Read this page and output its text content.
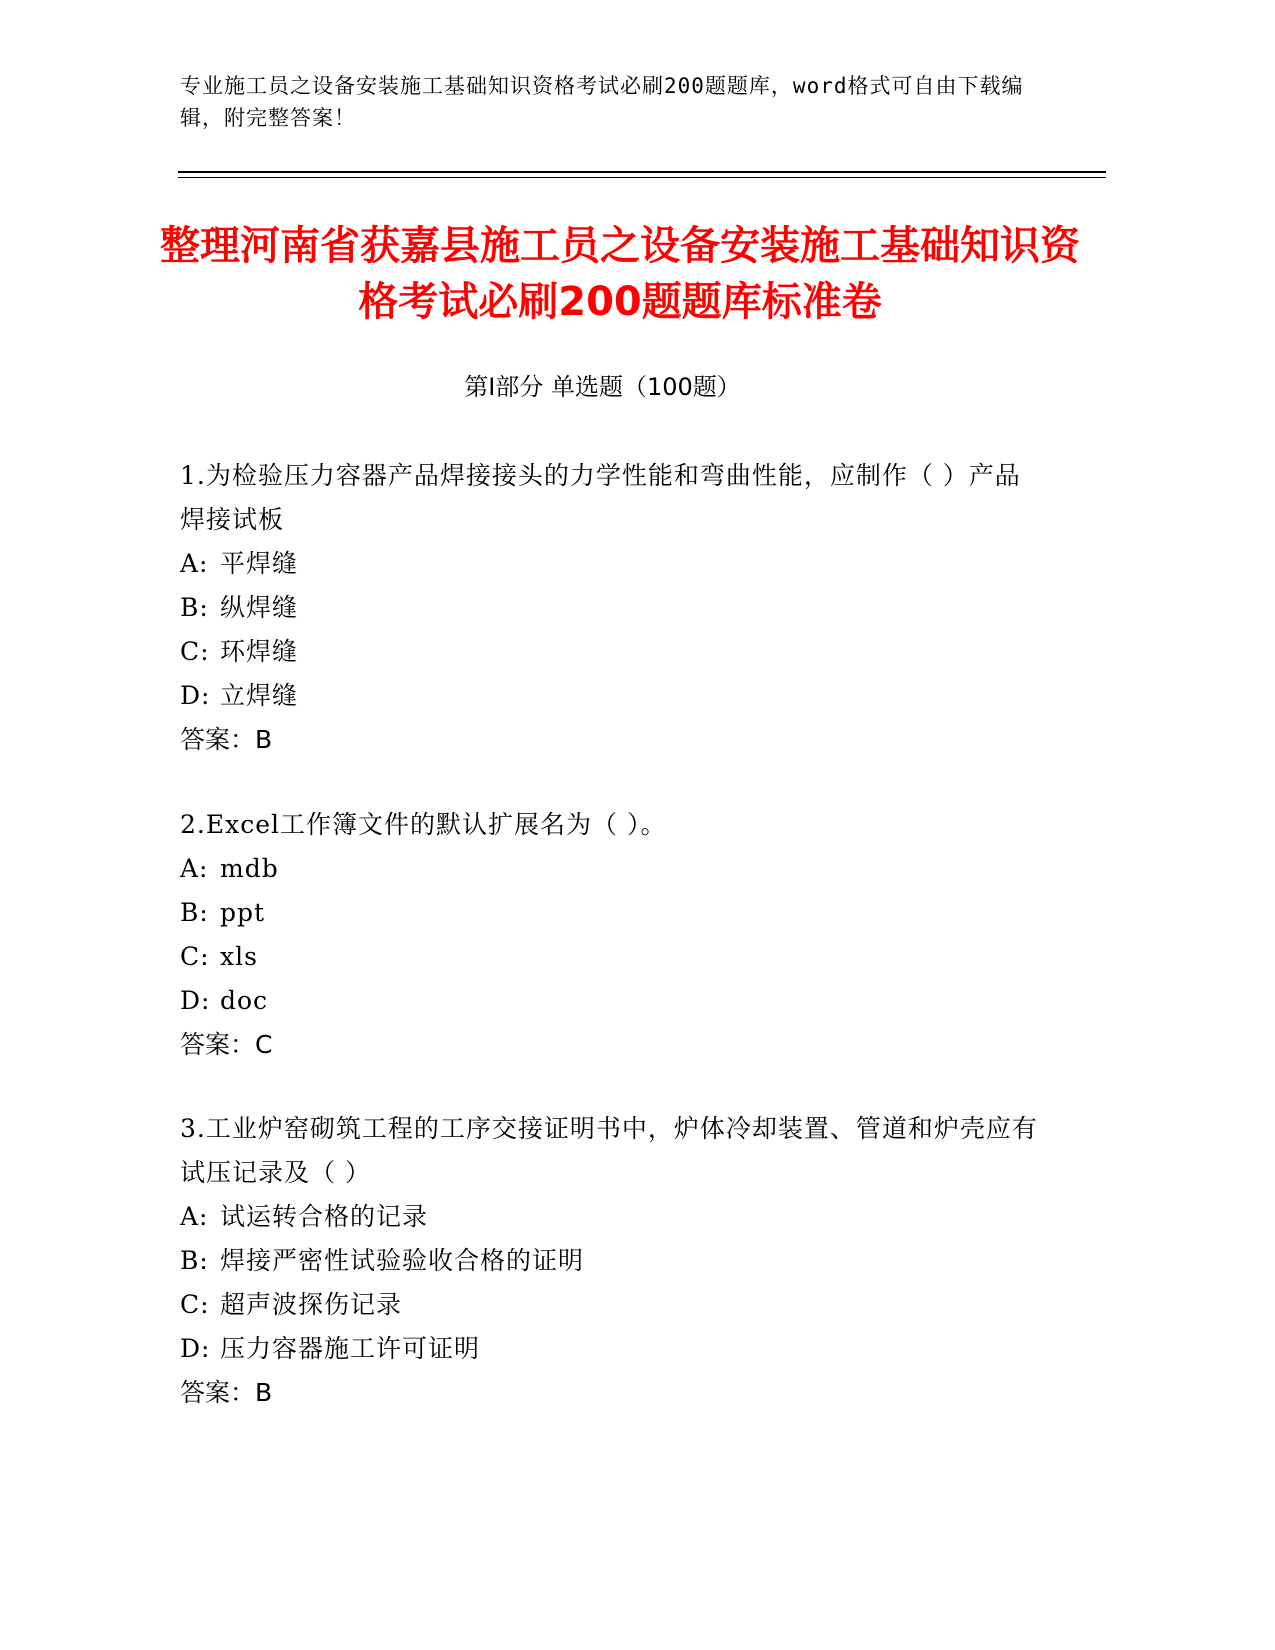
专业施工员之设备安装施工基础知识资格考试必刷200题题库，word格式可自由下载编辑，附完整答案！
整理河南省获嘉县施工员之设备安装施工基础知识资格考试必刷200题题库标准卷
第Ⅰ部分 单选题（100题）
1.为检验压力容器产品焊接接头的力学性能和弯曲性能，应制作（ ）产品焊接试板
A: 平焊缝
B: 纵焊缝
C: 环焊缝
D: 立焊缝
答案：B
2.Excel工作簿文件的默认扩展名为（ ）。
A: mdb
B: ppt
C: xls
D: doc
答案：C
3.工业炉窑砌筑工程的工序交接证明书中，炉体冷却装置、管道和炉壳应有试压记录及（ ）
A: 试运转合格的记录
B: 焊接严密性试验验收合格的证明
C: 超声波探伤记录
D: 压力容器施工许可证明
答案：B
